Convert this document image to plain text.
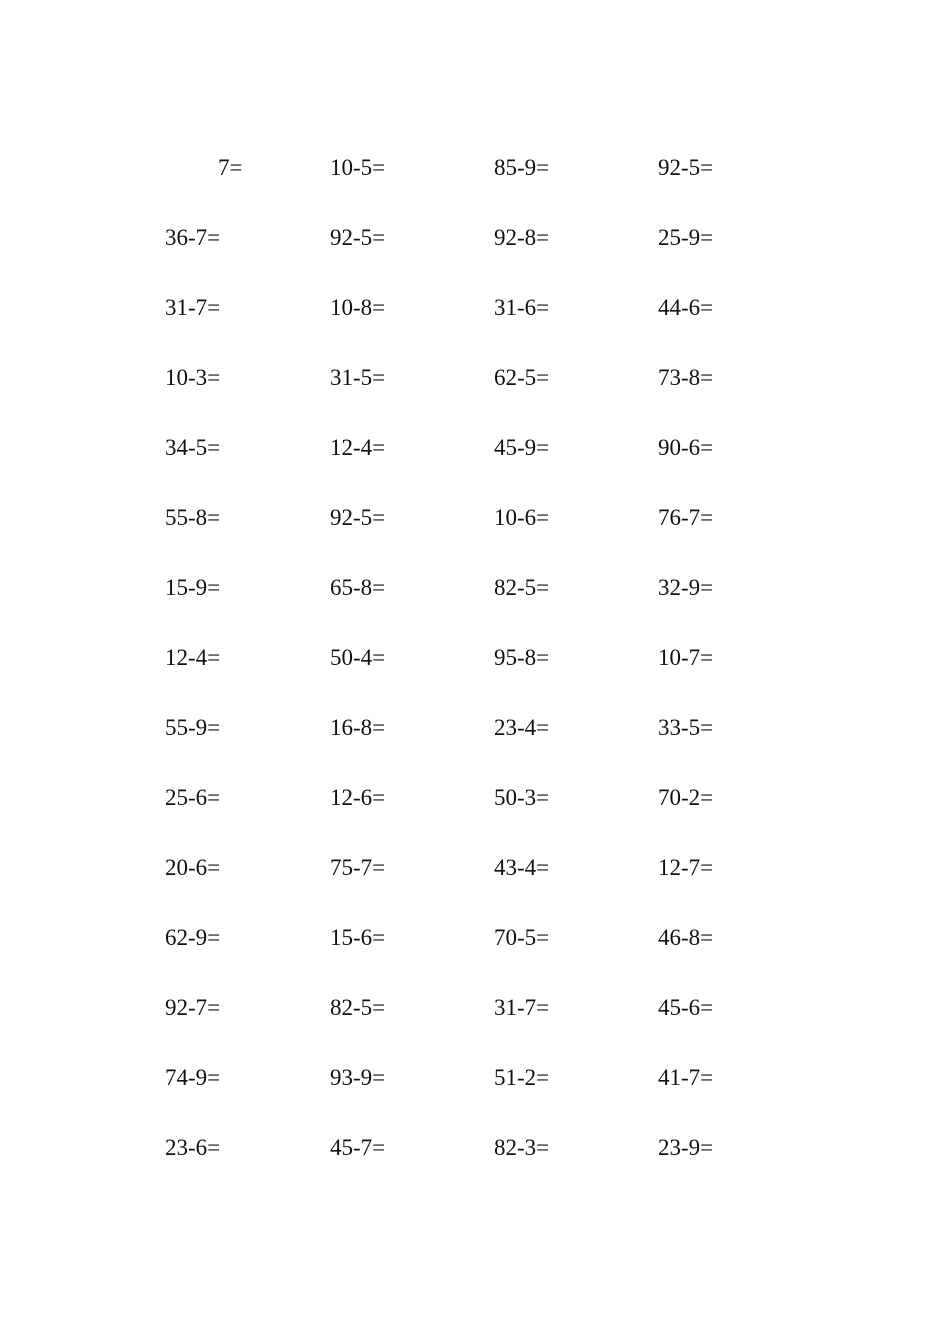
7=	10-5=	85-9=	92-5=
36-7=	92-5=	92-8=	25-9=
31-7=	10-8=	31-6=	44-6=
10-3=	31-5=	62-5=	73-8=
34-5=	12-4=	45-9=	90-6=
55-8=	92-5=	10-6=	76-7=
15-9=	65-8=	82-5=	32-9=
12-4=	50-4=	95-8=	10-7=
55-9=	16-8=	23-4=	33-5=
25-6=	12-6=	50-3=	70-2=
20-6=	75-7=	43-4=	12-7=
62-9=	15-6=	70-5=	46-8=
92-7=	82-5=	31-7=	45-6=
74-9=	93-9=	51-2=	41-7=
23-6=	45-7=	82-3=	23-9=
